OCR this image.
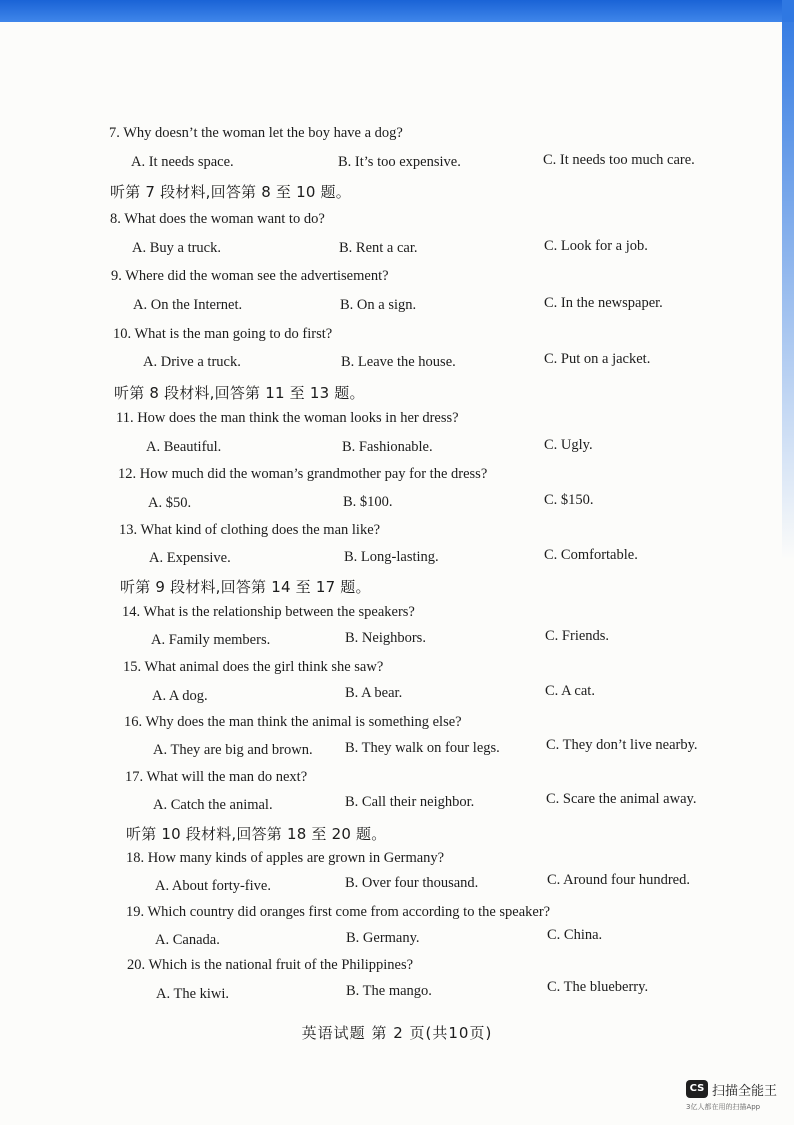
7. Why doesn’t the woman let the boy have a dog?
A. It needs space.	B. It’s too expensive.	C. It needs too much care.
听第 7 段材料,回答第 8 至 10 题。
8. What does the woman want to do?
A. Buy a truck.	B. Rent a car.	C. Look for a job.
9. Where did the woman see the advertisement?
A. On the Internet.	B. On a sign.	C. In the newspaper.
10. What is the man going to do first?
A. Drive a truck.	B. Leave the house.	C. Put on a jacket.
听第 8 段材料,回答第 11 至 13 题。
11. How does the man think the woman looks in her dress?
A. Beautiful.	B. Fashionable.	C. Ugly.
12. How much did the woman’s grandmother pay for the dress?
A. $50.	B. $100.	C. $150.
13. What kind of clothing does the man like?
A. Expensive.	B. Long-lasting.	C. Comfortable.
听第 9 段材料,回答第 14 至 17 题。
14. What is the relationship between the speakers?
A. Family members.	B. Neighbors.	C. Friends.
15. What animal does the girl think she saw?
A. A dog.	B. A bear.	C. A cat.
16. Why does the man think the animal is something else?
A. They are big and brown. B. They walk on four legs.	C. They don’t live nearby.
17. What will the man do next?
A. Catch the animal.	B. Call their neighbor.	C. Scare the animal away.
听第 10 段材料,回答第 18 至 20 题。
18. How many kinds of apples are grown in Germany?
A. About forty-five.	B. Over four thousand.	C. Around four hundred.
19. Which country did oranges first come from according to the speaker?
A. Canada.	B. Germany.	C. China.
20. Which is the national fruit of the Philippines?
A. The kiwi.	B. The mango.	C. The blueberry.
英语试题 第 2 页(共10页)
CS 扫描全能王
3亿人都在用的扫描App
